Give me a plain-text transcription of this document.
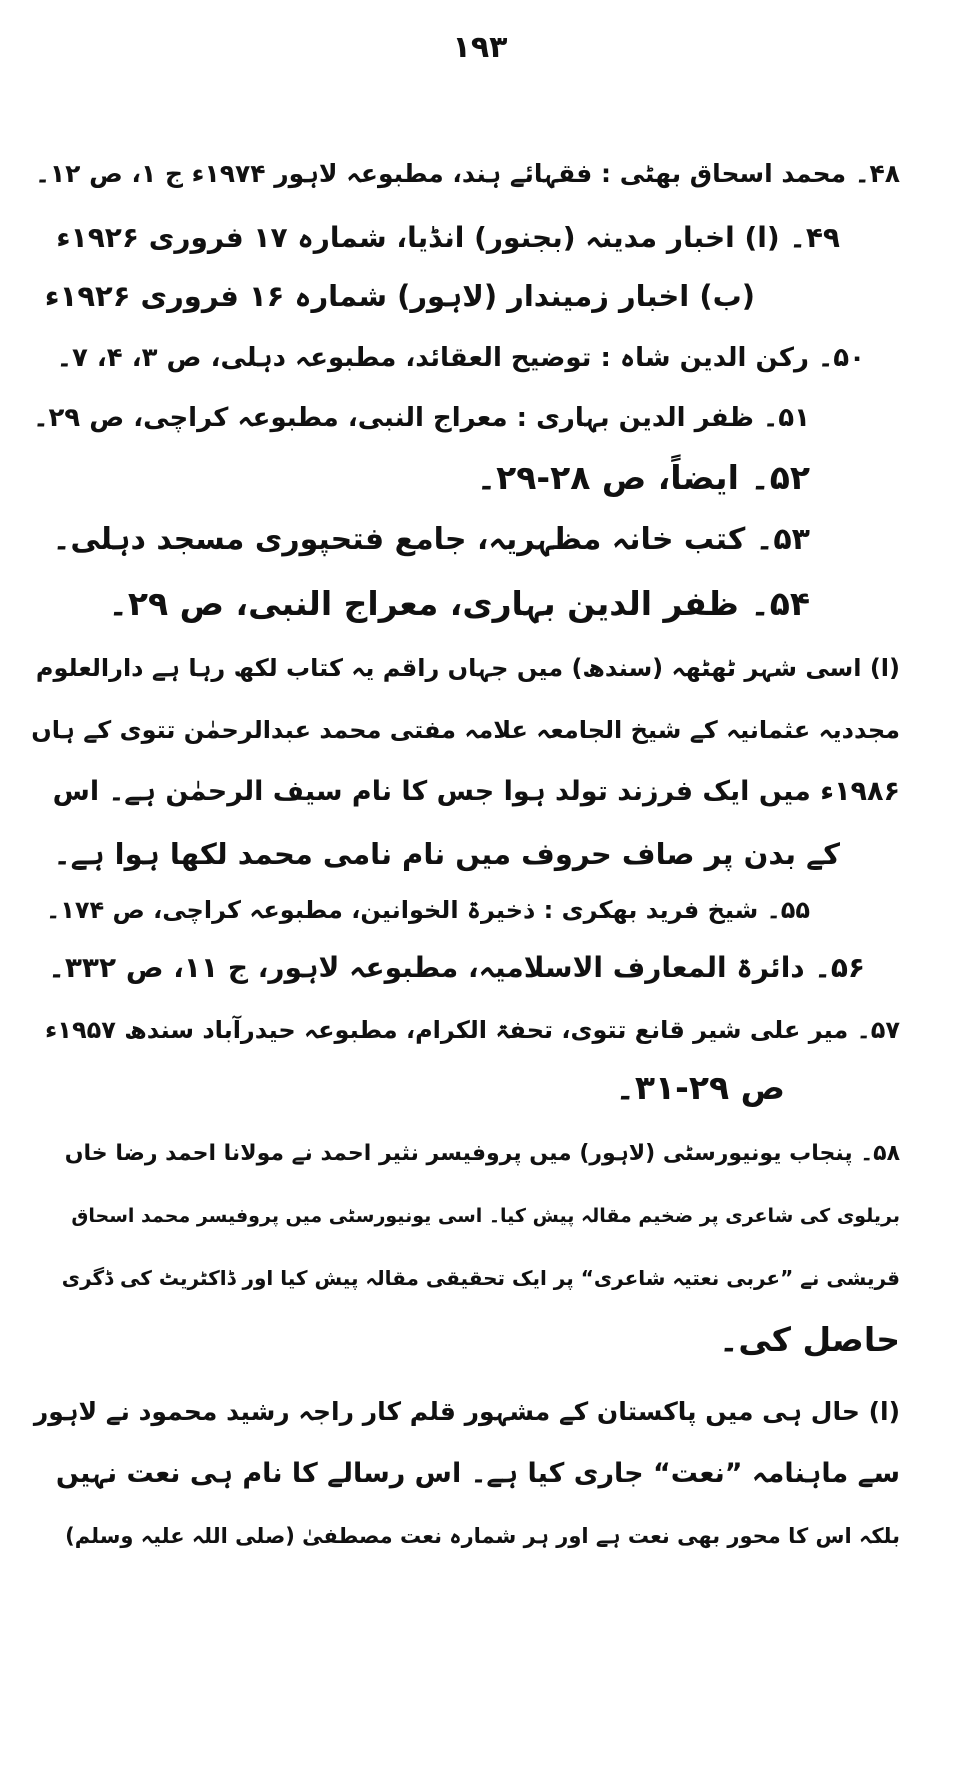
۱۹۳
۴۸۔ محمد اسحاق بھٹی : فقہائے ہند، مطبوعہ لاہور ۱۹۷۴ء ج ۱، ص ۱۲۔
۴۹۔ (ا) اخبار مدینہ (بجنور) انڈیا، شمارہ ۱۷ فروری ۱۹۲۶ء
(ب) اخبار زمیندار (لاہور) شمارہ ۱۶ فروری ۱۹۲۶ء
۵۰۔ رکن الدین شاہ : توضیح العقائد، مطبوعہ دہلی، ص ۳، ۴، ۷۔
۵۱۔ ظفر الدین بہاری : معراج النبی، مطبوعہ کراچی، ص ۲۹۔
۵۲۔ ایضاً، ص ۲۸-۲۹۔
۵۳۔ کتب خانہ مظہریہ، جامع فتحپوری مسجد دہلی۔
۵۴۔ ظفر الدین بہاری، معراج النبی، ص ۲۹۔
(ا) اسی شہر ٹھٹھہ (سندھ) میں جہاں راقم یہ کتاب لکھ رہا ہے دارالعلوم
مجددیہ عثمانیہ کے شیخ الجامعہ علامہ مفتی محمد عبدالرحمٰن تتوی کے ہاں
۱۹۸۶ء میں ایک فرزند تولد ہوا جس کا نام سیف الرحمٰن ہے۔ اس
کے بدن پر صاف حروف میں نام نامی محمد لکھا ہوا ہے۔
۵۵۔ شیخ فرید بھکری : ذخیرۃ الخوانین، مطبوعہ کراچی، ص ۱۷۴۔
۵۶۔ دائرۃ المعارف الاسلامیہ، مطبوعہ لاہور، ج ۱۱، ص ۳۳۲۔
۵۷۔ میر علی شیر قانع تتوی، تحفۃ الکرام، مطبوعہ حیدرآباد سندھ ۱۹۵۷ء
ص ۲۹-۳۱۔
۵۸۔ پنجاب یونیورسٹی (لاہور) میں پروفیسر نثیر احمد نے مولانا احمد رضا خاں
بریلوی کی شاعری پر ضخیم مقالہ پیش کیا۔ اسی یونیورسٹی میں پروفیسر محمد اسحاق
قریشی نے ”عربی نعتیہ شاعری“ پر ایک تحقیقی مقالہ پیش کیا اور ڈاکٹریٹ کی ڈگری
حاصل کی۔
(ا) حال ہی میں پاکستان کے مشہور قلم کار راجہ رشید محمود نے لاہور
سے ماہنامہ ”نعت“ جاری کیا ہے۔ اس رسالے کا نام ہی نعت نہیں
بلکہ اس کا محور بھی نعت ہے اور ہر شمارہ نعت مصطفیٰ (صلی اللہ علیہ وسلم)
